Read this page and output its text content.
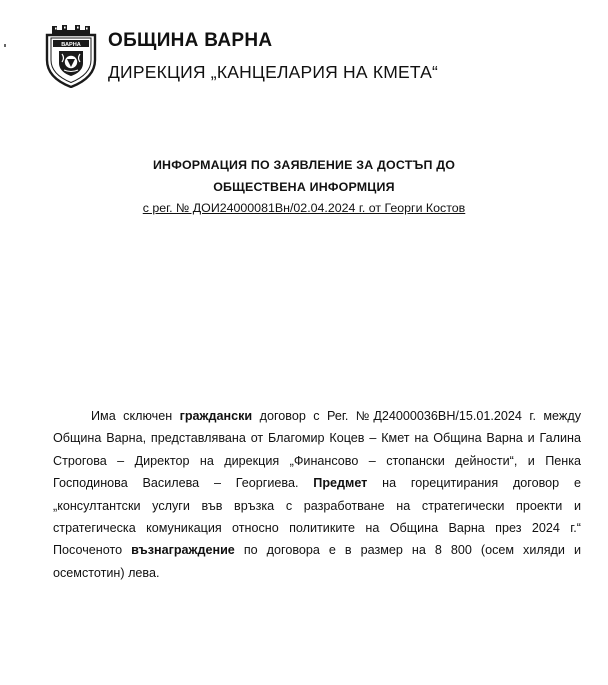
ВАРНА ОБЩИНА ВАРНА
ДИРЕКЦИЯ „КАНЦЕЛАРИЯ НА КМЕТА“
ИНФОРМАЦИЯ ПО ЗАЯВЛЕНИЕ ЗА ДОСТЪП ДО
ОБЩЕСТВЕНА ИНФОРМЦИЯ
с рег. № ДОИ24000081Вн/02.04.2024 г. от Георги Костов
Има сключен граждански договор с Рег. №Д24000036ВН/15.01.2024 г. между Община Варна, представлявана от Благомир Коцев – Кмет на Община Варна и Галина Строгова – Директор на дирекция „Финансово – стопански дейности“, и Пенка Господинова Василева – Георгиева. Предмет на горецитирания договор е „консултантски услуги във връзка с разработване на стратегически проекти и стратегическа комуникация относно политиките на Община Варна през 2024 г.“ Посоченото възнаграждение по договора е в размер на 8 800 (осем хиляди и осемстотин) лева.
